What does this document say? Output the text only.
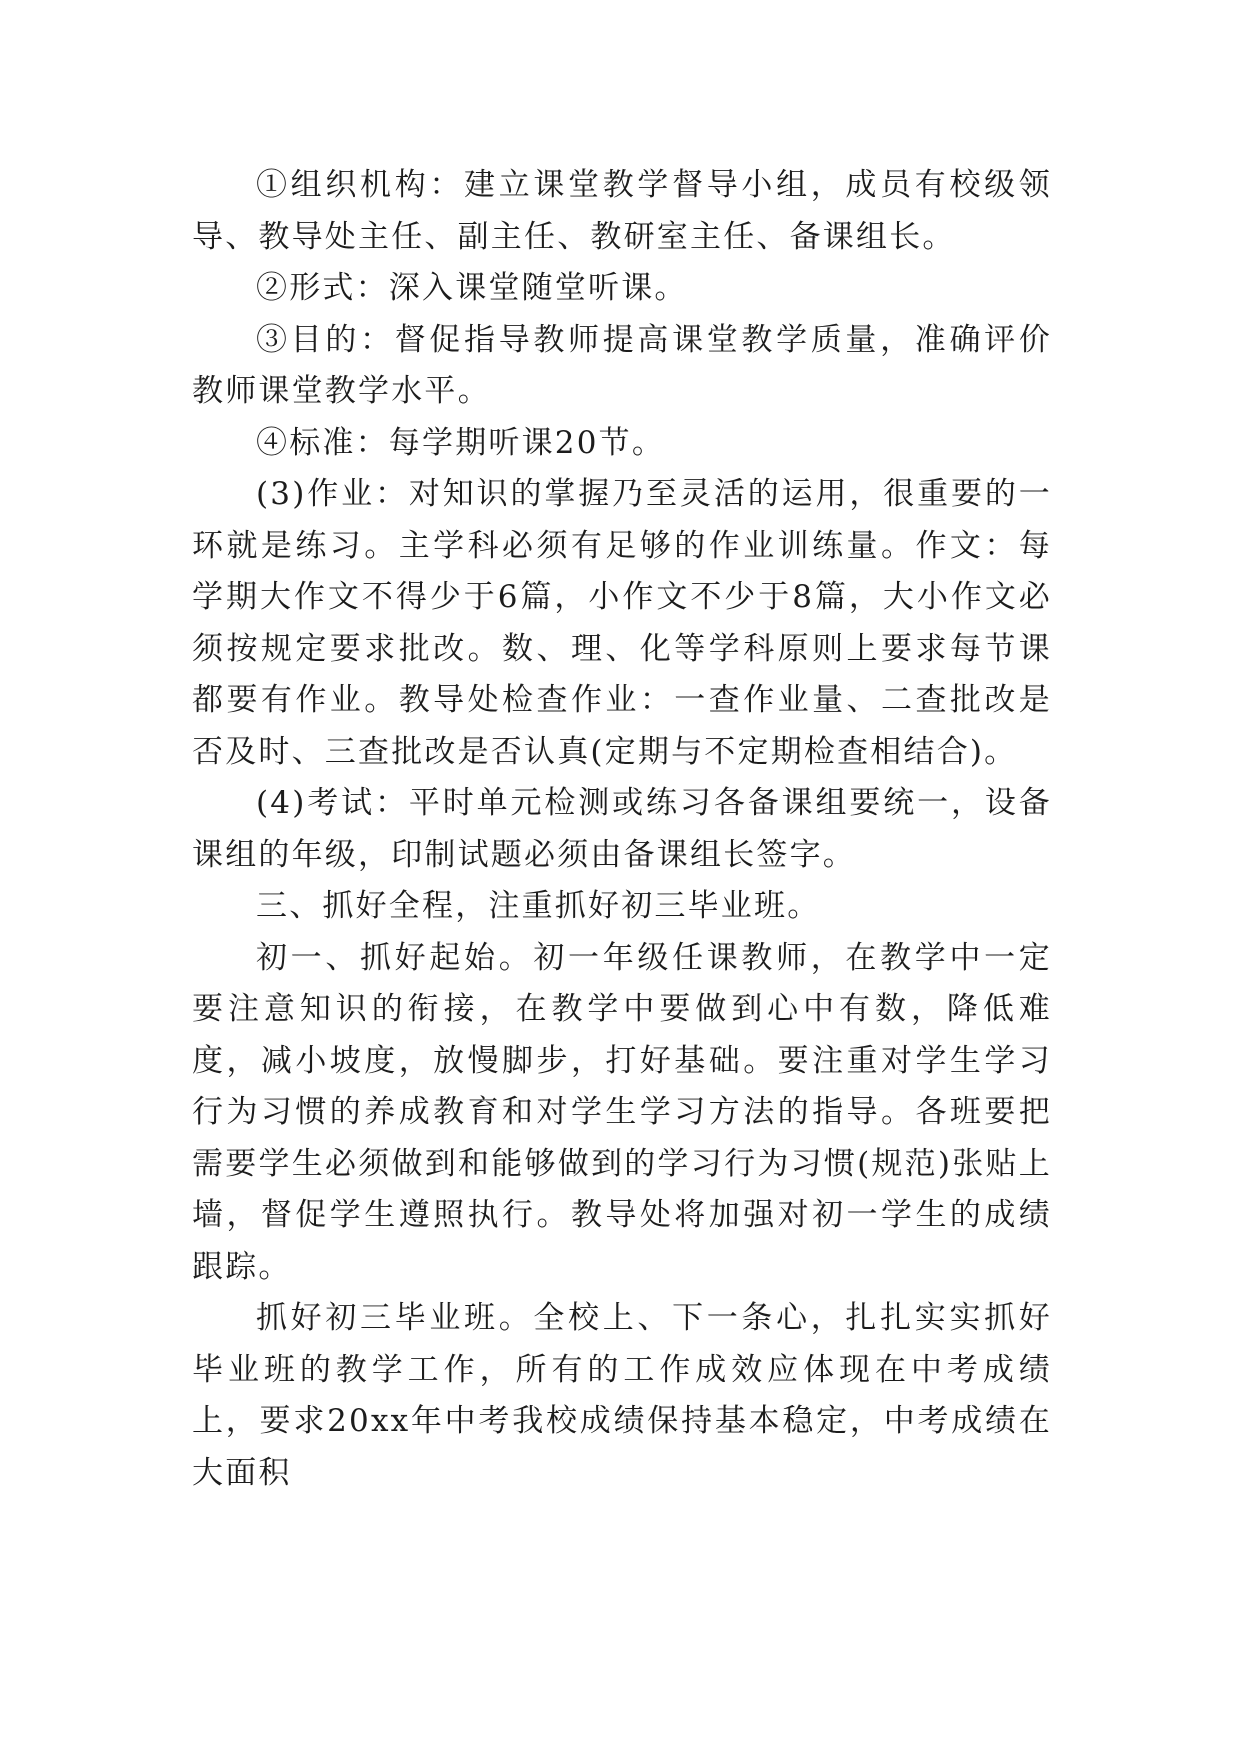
①组织机构：建立课堂教学督导小组，成员有校级领导、教导处主任、副主任、教研室主任、备课组长。

②形式：深入课堂随堂听课。

③目的：督促指导教师提高课堂教学质量，准确评价教师课堂教学水平。

④标准：每学期听课20节。

(3)作业：对知识的掌握乃至灵活的运用，很重要的一环就是练习。主学科必须有足够的作业训练量。作文：每学期大作文不得少于6篇，小作文不少于8篇，大小作文必须按规定要求批改。数、理、化等学科原则上要求每节课都要有作业。教导处检查作业：一查作业量、二查批改是否及时、三查批改是否认真(定期与不定期检查相结合)。

(4)考试：平时单元检测或练习各备课组要统一，设备课组的年级，印制试题必须由备课组长签字。

三、抓好全程，注重抓好初三毕业班。

初一、抓好起始。初一年级任课教师，在教学中一定要注意知识的衔接，在教学中要做到心中有数，降低难度，减小坡度，放慢脚步，打好基础。要注重对学生学习行为习惯的养成教育和对学生学习方法的指导。各班要把需要学生必须做到和能够做到的学习行为习惯(规范)张贴上墙，督促学生遵照执行。教导处将加强对初一学生的成绩跟踪。

抓好初三毕业班。全校上、下一条心，扎扎实实抓好毕业班的教学工作，所有的工作成效应体现在中考成绩上，要求20xx年中考我校成绩保持基本稳定，中考成绩在大面积
